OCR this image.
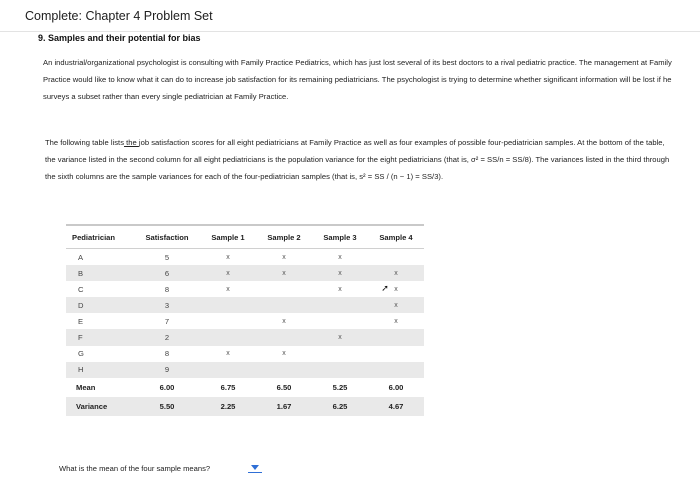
Complete: Chapter 4 Problem Set
9. Samples and their potential for bias
An industrial/organizational psychologist is consulting with Family Practice Pediatrics, which has just lost several of its best doctors to a rival pediatric practice. The management at Family Practice would like to know what it can do to increase job satisfaction for its remaining pediatricians. The psychologist is trying to determine whether significant information will be lost if he surveys a subset rather than every single pediatrician at Family Practice.
The following table lists the job satisfaction scores for all eight pediatricians at Family Practice as well as four examples of possible four-pediatrician samples. At the bottom of the table, the variance listed in the second column for all eight pediatricians is the population variance for the eight pediatricians (that is, σ² = SS/n = SS/8). The variances listed in the third through the sixth columns are the sample variances for each of the four-pediatrician samples (that is, s² = SS / (n − 1) = SS/3).
Pediatrician	Satisfaction	Sample 1	Sample 2	Sample 3	Sample 4
A	5	x	x	x	
B	6	x	x	x	x
C	8	x		x	➚ x
D	3				x
E	7		x		x
F	2			x	
G	8	x	x		
H	9				
Mean	6.00	6.75	6.50	5.25	6.00
Variance	5.50	2.25	1.67	6.25	4.67
What is the mean of the four sample means?
